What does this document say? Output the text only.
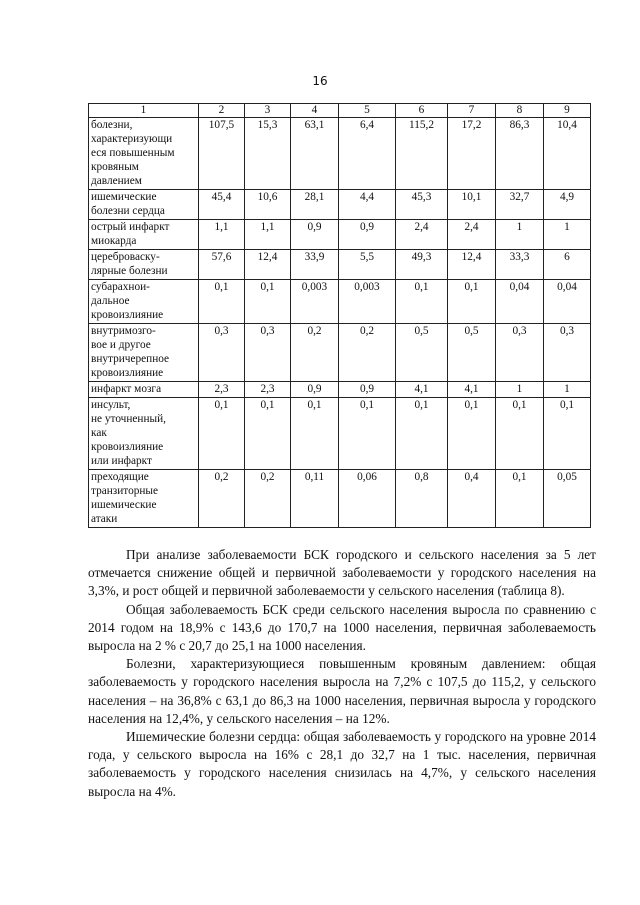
16
1	2	3	4	5	6	7	8	9

болезни,
характеризующи
еся повышенным
кровяным
давлением	107,5	15,3	63,1	6,4	115,2	17,2	86,3	10,4

ишемические
болезни сердца	45,4	10,6	28,1	4,4	45,3	10,1	32,7	4,9

острый инфаркт
миокарда	1,1	1,1	0,9	0,9	2,4	2,4	1	1

цереброваску-
лярные болезни	57,6	12,4	33,9	5,5	49,3	12,4	33,3	6

субарахнои-
дальное
кровоизлияние	0,1	0,1	0,003	0,003	0,1	0,1	0,04	0,04

внутримозго-
вое и другое
внутричерепное
кровоизлияние	0,3	0,3	0,2	0,2	0,5	0,5	0,3	0,3

инфаркт мозга	2,3	2,3	0,9	0,9	4,1	4,1	1	1

инсульт,
не уточненный,
как
кровоизлияние
или инфаркт	0,1	0,1	0,1	0,1	0,1	0,1	0,1	0,1

преходящие
транзиторные
ишемические
атаки	0,2	0,2	0,11	0,06	0,8	0,4	0,1	0,05

При анализе заболеваемости БСК городского и сельского населения за 5 лет отмечается снижение общей и первичной заболеваемости у городского населения на 3,3%, и рост общей и первичной заболеваемости у сельского населения (таблица 8).

Общая заболеваемость БСК среди сельского населения выросла по сравнению с 2014 годом на 18,9% с 143,6 до 170,7 на 1000 населения, первичная заболеваемость выросла на 2 % с 20,7 до 25,1 на 1000 населения.

Болезни, характеризующиеся повышенным кровяным давлением: общая заболеваемость у городского населения выросла на 7,2% с 107,5 до 115,2, у сельского населения – на 36,8% с 63,1 до 86,3 на 1000 населения, первичная выросла у городского населения на 12,4%, у сельского населения – на 12%.

Ишемические болезни сердца: общая заболеваемость у городского на уровне 2014 года, у сельского выросла на 16% с 28,1 до 32,7 на 1 тыс. населения, первичная заболеваемость у городского населения снизилась на 4,7%, у сельского населения выросла на 4%.
